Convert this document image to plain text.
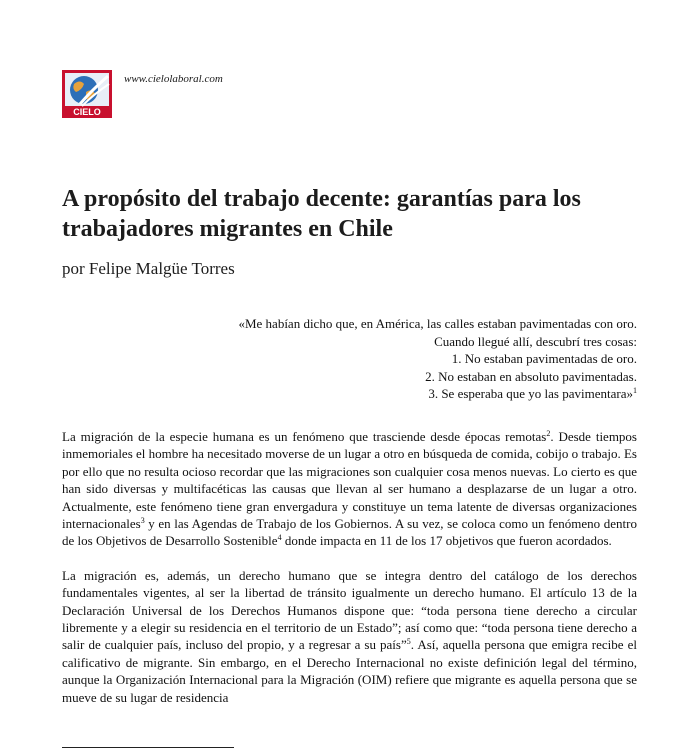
CIELO
www.cielolaboral.com
A propósito del trabajo decente: garantías para los trabajadores migrantes en Chile
por Felipe Malgüe Torres
«Me habían dicho que, en América, las calles estaban pavimentadas con oro.
Cuando llegué allí, descubrí tres cosas:
1. No estaban pavimentadas de oro.
2. No estaban en absoluto pavimentadas.
3. Se esperaba que yo las pavimentara»$^1$

La migración de la especie humana es un fenómeno que trasciende desde épocas remotas$^2$. Desde tiempos inmemoriales el hombre ha necesitado moverse de un lugar a otro en búsqueda de comida, cobijo o trabajo. Es por ello que no resulta ocioso recordar que las migraciones son cualquier cosa menos nuevas. Lo cierto es que han sido diversas y multifacéticas las causas que llevan al ser humano a desplazarse de un lugar a otro. Actualmente, este fenómeno tiene gran envergadura y constituye un tema latente de diversas organizaciones internacionales$^3$ y en las Agendas de Trabajo de los Gobiernos. A su vez, se coloca como un fenómeno dentro de los Objetivos de Desarrollo Sostenible$^4$ donde impacta en 11 de los 17 objetivos que fueron acordados.

La migración es, además, un derecho humano que se integra dentro del catálogo de los derechos fundamentales vigentes, al ser la libertad de tránsito igualmente un derecho humano. El artículo 13 de la Declaración Universal de los Derechos Humanos dispone que: “toda persona tiene derecho a circular libremente y a elegir su residencia en el territorio de un Estado”; así como que: “toda persona tiene derecho a salir de cualquier país, incluso del propio, y a regresar a su país”$^5$. Así, aquella persona que emigra recibe el calificativo de migrante. Sin embargo, en el Derecho Internacional no existe definición legal del término, aunque la Organización Internacional para la Migración (OIM) refiere que migrante es aquella persona que se mueve de su lugar de residencia
